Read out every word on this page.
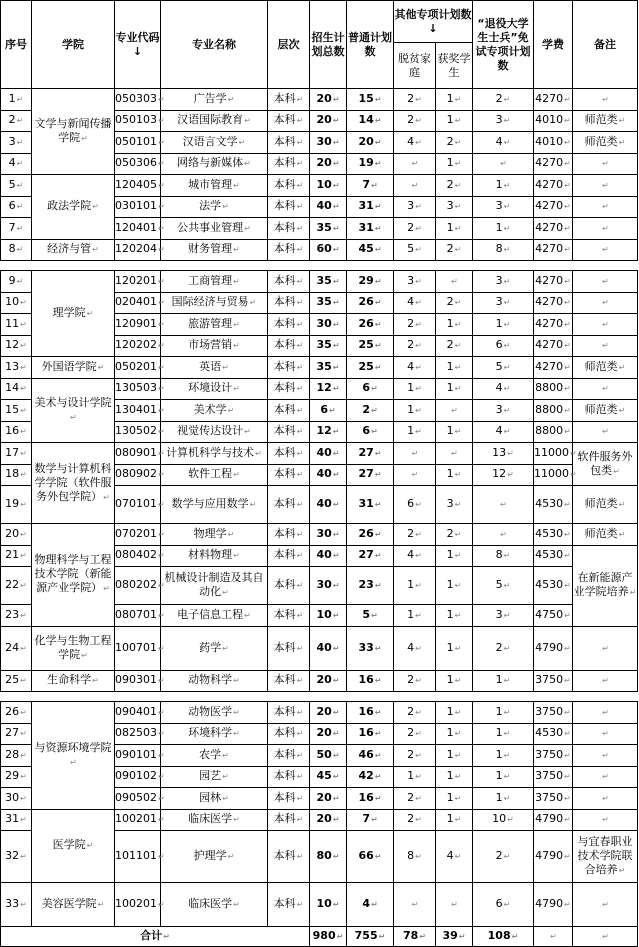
序号	学院	专业代码↓	专业名称	层次	招生计划总数	普通计划数	其他专项计划数↓		“退役大学生士兵”免试专项计划数	学费	备注
							脱贫家庭	获奖学生			
1↵	文学与新闻传播学院↵	050303↵	广告学↵	本科↵	20↵	15↵	2↵	1↵	2↵	4270↵	↵
2↵		050103↵	汉语国际教育↵	本科↵	20↵	14↵	2↵	1↵	3↵	4010↵	师范类↵
3↵		050101↵	汉语言文学↵	本科↵	30↵	20↵	4↵	2↵	4↵	4010↵	师范类↵
4↵		050306↵	网络与新媒体↵	本科↵	20↵	19↵	↵	1↵	↵	4270↵	↵
5↵	政法学院↵	120405↵	城市管理↵	本科↵	10↵	7↵	↵	2↵	1↵	4270↵	↵
6↵		030101↵	法学↵	本科↵	40↵	31↵	3↵	3↵	3↵	4270↵	↵
7↵		120401↵	公共事业管理↵	本科↵	35↵	31↵	2↵	1↵	1↵	4270↵	↵
8↵	经济与管↵	120204↵	财务管理↵	本科↵	60↵	45↵	5↵	2↵	8↵	4270↵	↵

9↵	理学院↵	120201↵	工商管理↵	本科↵	35↵	29↵	3↵	↵	3↵	4270↵	↵
10↵		020401↵	国际经济与贸易↵	本科↵	35↵	26↵	4↵	2↵	3↵	4270↵	↵
11↵		120901↵	旅游管理↵	本科↵	30↵	26↵	2↵	1↵	1↵	4270↵	↵
12↵		120202↵	市场营销↵	本科↵	35↵	25↵	2↵	2↵	6↵	4270↵	↵
13↵	外国语学院↵	050201↵	英语↵	本科↵	35↵	25↵	4↵	1↵	5↵	4270↵	师范类↵
14↵	美术与设计学院↵	130503↵	环境设计↵	本科↵	12↵	6↵	1↵	1↵	4↵	8800↵	↵
15↵		130401↵	美术学↵	本科↵	6↵	2↵	1↵	↵	3↵	8800↵	师范类↵
16↵		130502↵	视觉传达设计↵	本科↵	12↵	6↵	1↵	1↵	4↵	8800↵	↵
17↵	数学与计算机科学学院（软件服务外包学院）↵	080901↵	计算机科学与技术↵	本科↵	40↵	27↵	↵	↵	13↵	11000↵	软件服务外包类↵
18↵		080902↵	软件工程↵	本科↵	40↵	27↵	↵	1↵	12↵	11000↵	
19↵		070101↵	数学与应用数学↵	本科↵	40↵	31↵	6↵	3↵	↵	4530↵	师范类↵
20↵	物理科学与工程技术学院（新能源产业学院）↵	070201↵	物理学↵	本科↵	30↵	26↵	2↵	2↵	↵	4530↵	师范类↵
21↵		080402↵	材料物理↵	本科↵	40↵	27↵	4↵	1↵	8↵	4530↵	在新能源产业学院培养↵
22↵		080202↵	机械设计制造及其自动化↵	本科↵	30↵	23↵	1↵	1↵	5↵	4530↵	
23↵		080701↵	电子信息工程↵	本科↵	10↵	5↵	1↵	1↵	3↵	4750↵	
24↵	化学与生物工程学院↵	100701↵	药学↵	本科↵	40↵	33↵	4↵	1↵	2↵	4790↵	↵
25↵	生命科学↵	090301↵	动物科学↵	本科↵	20↵	16↵	2↵	1↵	1↵	3750↵	↵

26↵	与资源环境学院↵	090401↵	动物医学↵	本科↵	20↵	16↵	2↵	1↵	1↵	3750↵	↵
27↵		082503↵	环境科学↵	本科↵	20↵	16↵	2↵	1↵	1↵	4530↵	↵
28↵		090101↵	农学↵	本科↵	50↵	46↵	2↵	1↵	1↵	3750↵	↵
29↵		090102↵	园艺↵	本科↵	45↵	42↵	1↵	1↵	1↵	3750↵	↵
30↵		090502↵	园林↵	本科↵	20↵	16↵	2↵	1↵	1↵	3750↵	↵
31↵	医学院↵	100201↵	临床医学↵	本科↵	20↵	7↵	2↵	1↵	10↵	4790↵	↵
32↵		101101↵	护理学↵	本科↵	80↵	66↵	8↵	4↵	2↵	4790↵	与宜春职业技术学院联合培养↵
33↵	美容医学院↵	100201↵	临床医学↵	本科↵	10↵	4↵	↵	↵	6↵	4790↵	↵
合计↵					980↵	755↵	78↵	39↵	108↵	↵	↵
